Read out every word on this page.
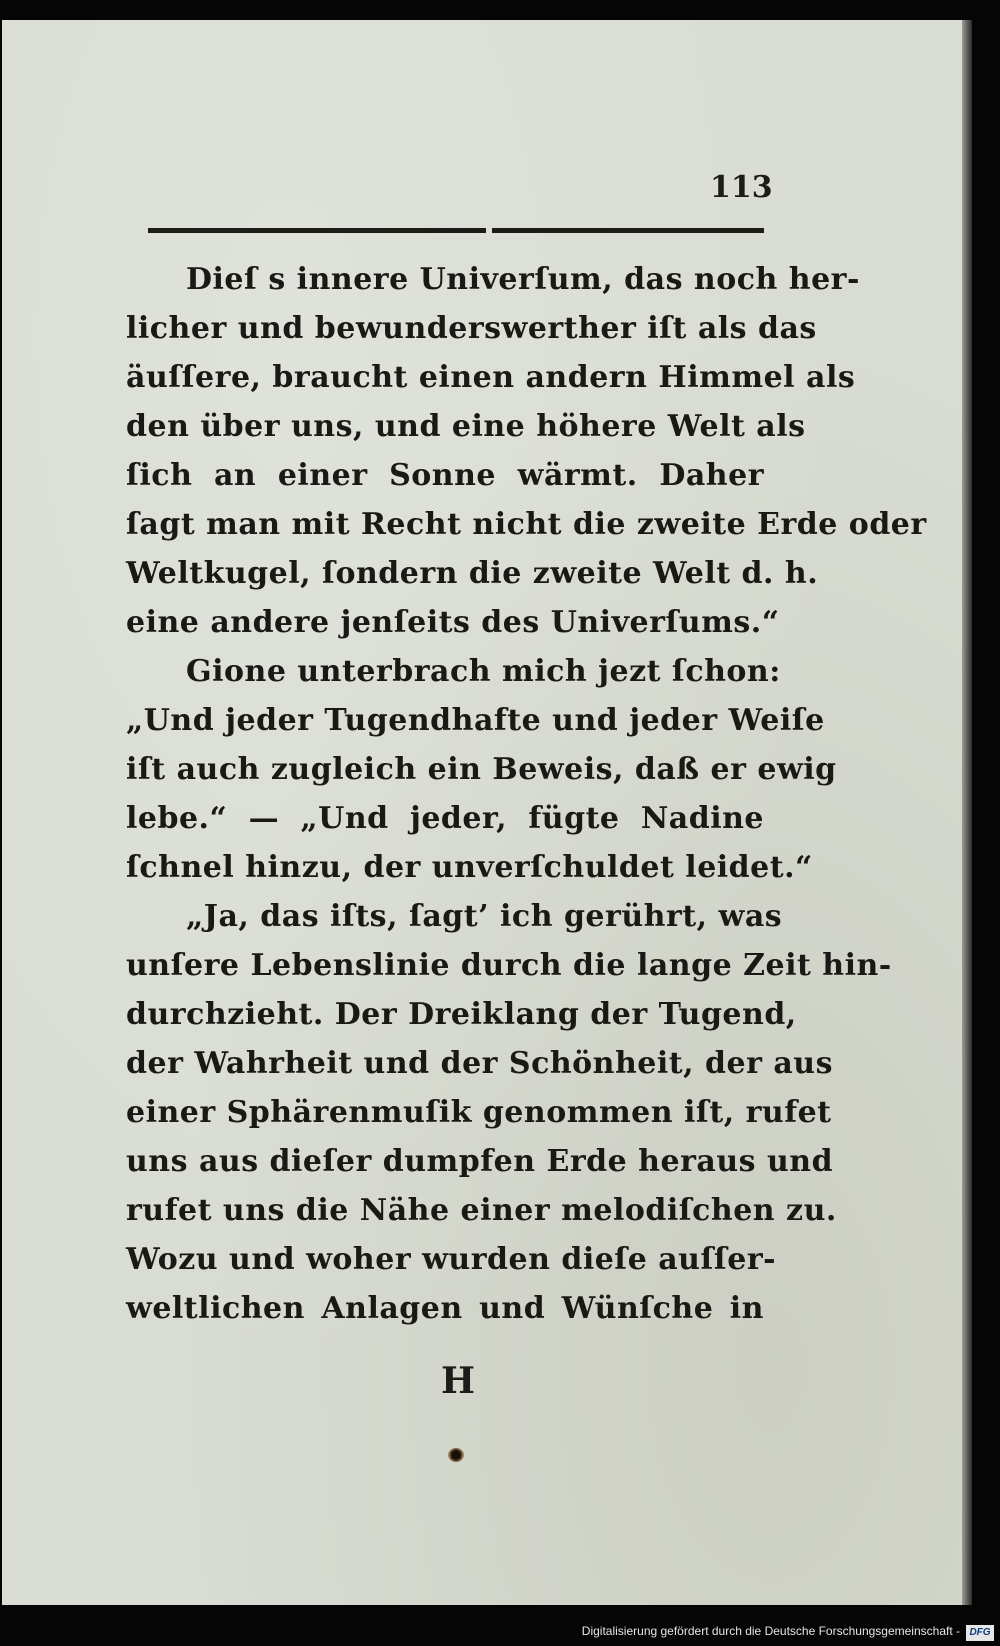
113
Dieſ s innere Univerſum, das noch her-
licher und bewunderswerther iſt als das
äuſſere, braucht einen andern Himmel als
den über uns, und eine höhere Welt als
ſich an einer Sonne wärmt. Daher
ſagt man mit Recht nicht die zweite Erde oder
Weltkugel, ſondern die zweite Welt d. h.
eine andere jenſeits des Univerſums.“
Gione unterbrach mich jezt ſchon:
„Und jeder Tugendhafte und jeder Weiſe
iſt auch zugleich ein Beweis, daß er ewig
lebe.“ — „Und jeder, fügte Nadine
ſchnel hinzu, der unverſchuldet leidet.“
„Ja, das iſts, ſagt’ ich gerührt, was
unſere Lebenslinie durch die lange Zeit hin-
durchzieht. Der Dreiklang der Tugend,
der Wahrheit und der Schönheit, der aus
einer Sphärenmuſik genommen iſt, rufet
uns aus dieſer dumpfen Erde heraus und
rufet uns die Nähe einer melodiſchen zu.
Wozu und woher wurden dieſe auſſer-
weltlichen Anlagen und Wünſche in
H
Digitalisierung gefördert durch die Deutsche Forschungsgemeinschaft - DFG
